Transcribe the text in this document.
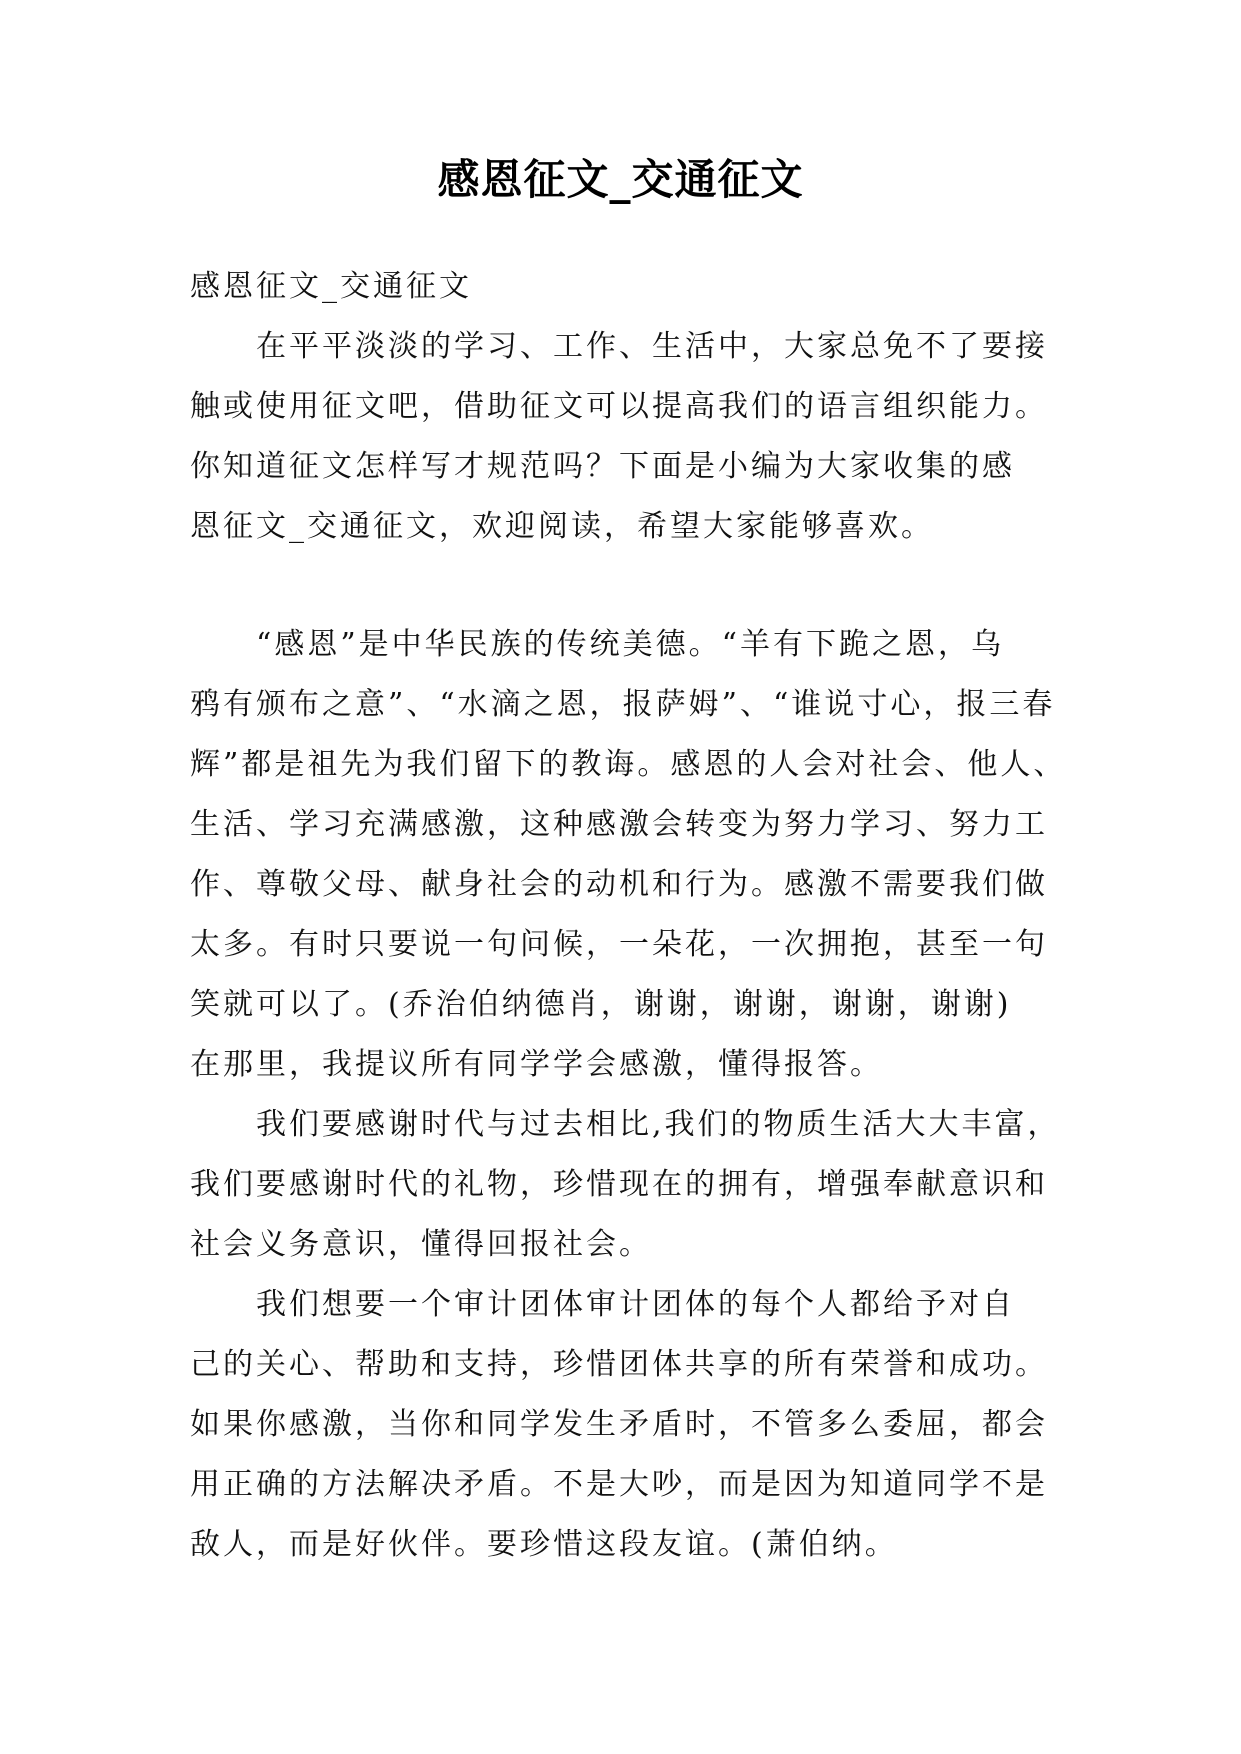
感恩征文_交通征文
感恩征文_交通征文
在平平淡淡的学习、工作、生活中，大家总免不了要接
触或使用征文吧，借助征文可以提高我们的语言组织能力。
你知道征文怎样写才规范吗？下面是小编为大家收集的感
恩征文_交通征文，欢迎阅读，希望大家能够喜欢。
“感恩”是中华民族的传统美德。“羊有下跪之恩，乌
鸦有颁布之意”、“水滴之恩，报萨姆”、“谁说寸心，报三春
辉”都是祖先为我们留下的教诲。感恩的人会对社会、他人、
生活、学习充满感激，这种感激会转变为努力学习、努力工
作、尊敬父母、献身社会的动机和行为。感激不需要我们做
太多。有时只要说一句问候，一朵花，一次拥抱，甚至一句
笑就可以了。(乔治伯纳德肖，谢谢，谢谢，谢谢，谢谢)
在那里，我提议所有同学学会感激，懂得报答。
我们要感谢时代与过去相比,我们的物质生活大大丰富，
我们要感谢时代的礼物，珍惜现在的拥有，增强奉献意识和
社会义务意识，懂得回报社会。
我们想要一个审计团体审计团体的每个人都给予对自
己的关心、帮助和支持，珍惜团体共享的所有荣誉和成功。
如果你感激，当你和同学发生矛盾时，不管多么委屈，都会
用正确的方法解决矛盾。不是大吵，而是因为知道同学不是
敌人，而是好伙伴。要珍惜这段友谊。(萧伯纳。
